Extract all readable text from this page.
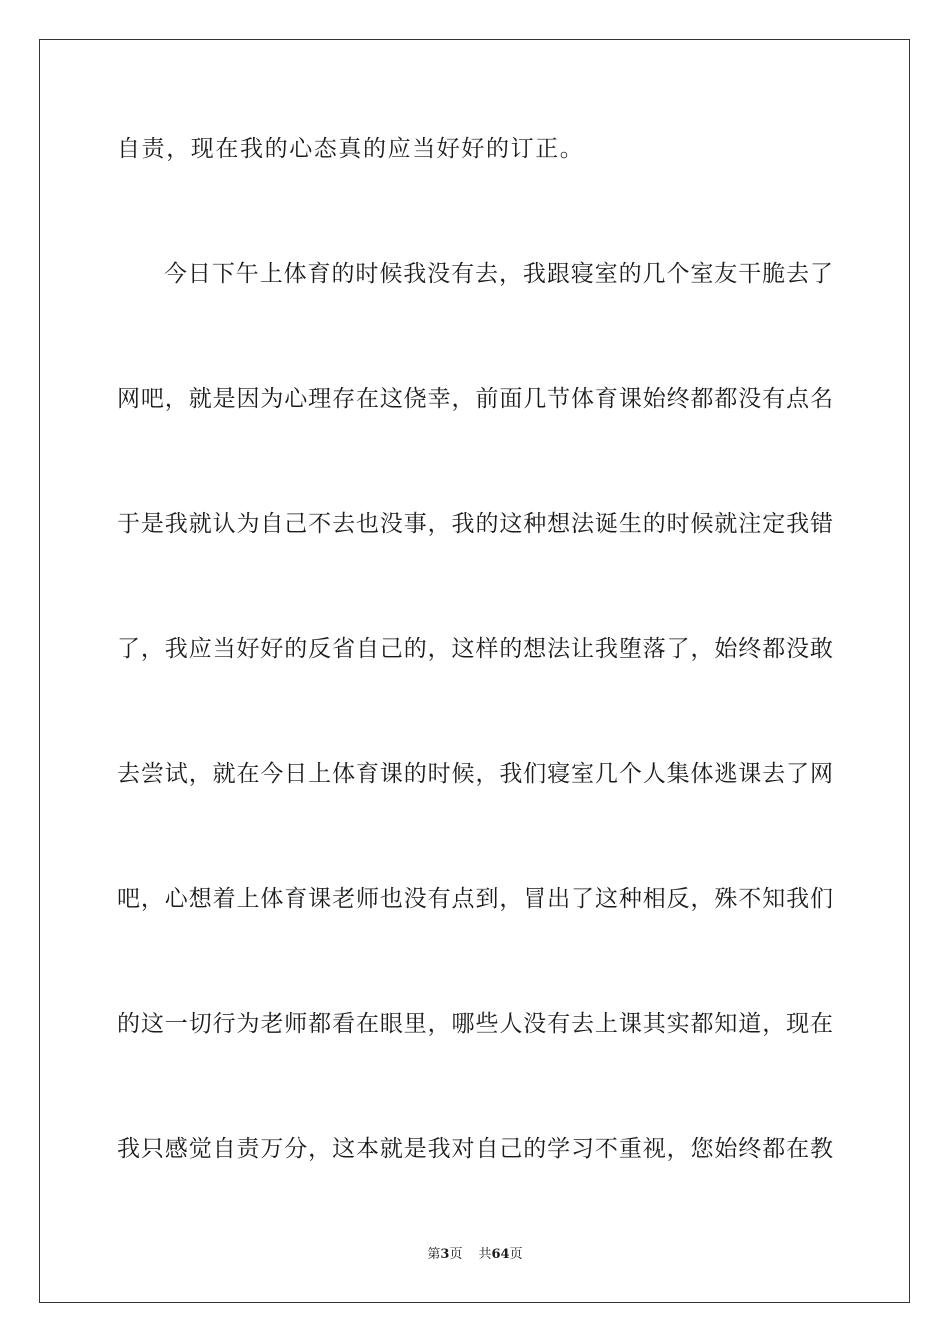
自责，现在我的心态真的应当好好的订正。
今日下午上体育的时候我没有去，我跟寝室的几个室友干脆去了
网吧，就是因为心理存在这侥幸，前面几节体育课始终都都没有点名
于是我就认为自己不去也没事，我的这种想法诞生的时候就注定我错
了，我应当好好的反省自己的，这样的想法让我堕落了，始终都没敢
去尝试，就在今日上体育课的时候，我们寝室几个人集体逃课去了网
吧，心想着上体育课老师也没有点到，冒出了这种相反，殊不知我们
的这一切行为老师都看在眼里，哪些人没有去上课其实都知道，现在
我只感觉自责万分，这本就是我对自己的学习不重视，您始终都在教
第3页 共64页
